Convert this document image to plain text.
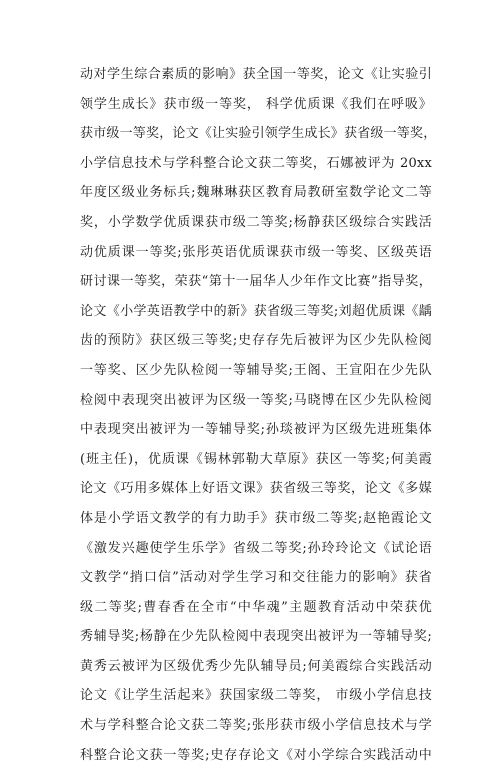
动对学生综合素质的影响》获全国一等奖，论文《让实验引
领学生成长》获市级一等奖， 科学优质课《我们在呼吸》
获市级一等奖，论文《让实验引领学生成长》获省级一等奖，
小学信息技术与学科整合论文获二等奖，石娜被评为 20xx
年度区级业务标兵;魏琳琳获区教育局教研室数学论文二等
奖，小学数学优质课获市级二等奖;杨静获区级综合实践活
动优质课一等奖;张彤英语优质课获市级一等奖、区级英语
研讨课一等奖，荣获“第十一届华人少年作文比赛”指导奖，
论文《小学英语教学中的新》获省级三等奖;刘超优质课《龋
齿的预防》获区级三等奖;史存存先后被评为区少先队检阅
一等奖、区少先队检阅一等辅导奖;王阁、王宣阳在少先队
检阅中表现突出被评为区级一等奖;马晓博在区少先队检阅
中表现突出被评为一等辅导奖;孙琰被评为区级先进班集体
(班主任)，优质课《锡林郭勒大草原》获区一等奖;何美霞
论文《巧用多媒体上好语文课》获省级三等奖，论文《多媒
体是小学语文教学的有力助手》获市级二等奖;赵艳霞论文
《激发兴趣使学生乐学》省级二等奖;孙玲玲论文《试论语
文教学“捎口信”活动对学生学习和交往能力的影响》获省
级二等奖;曹春香在全市“中华魂”主题教育活动中荣获优
秀辅导奖;杨静在少先队检阅中表现突出被评为一等辅导奖;
黄秀云被评为区级优秀少先队辅导员;何美霞综合实践活动
论文《让学生活起来》获国家级二等奖， 市级小学信息技
术与学科整合论文获二等奖;张彤获市级小学信息技术与学
科整合论文获一等奖;史存存论文《对小学综合实践活动中
